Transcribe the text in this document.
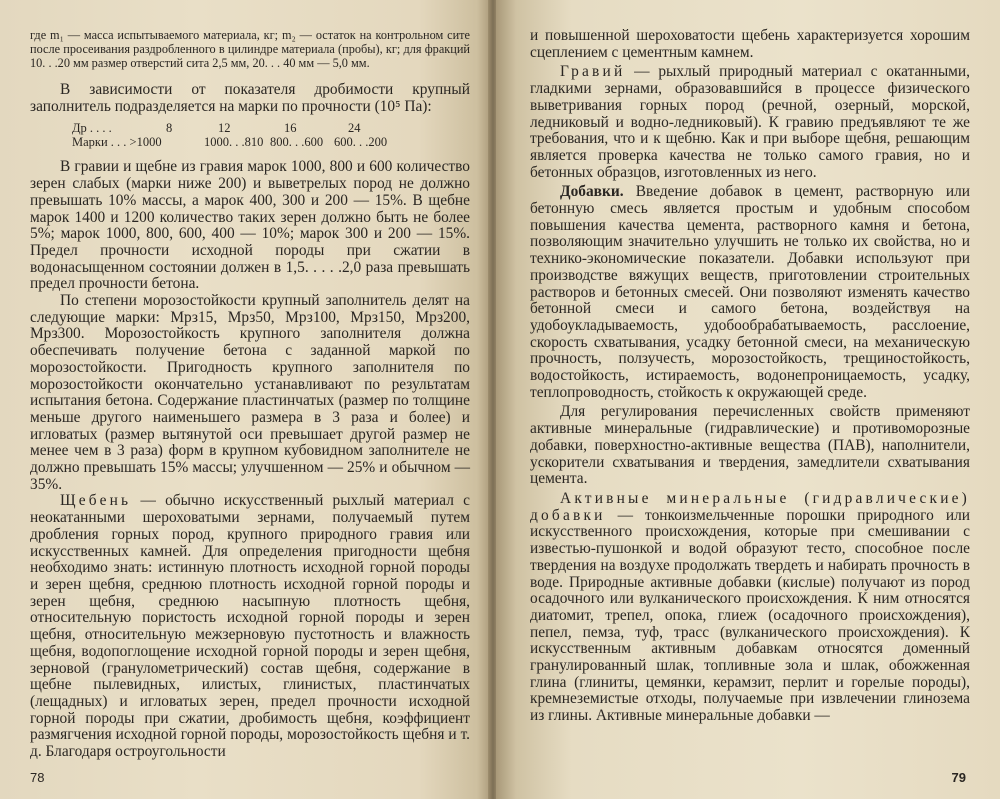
где m₁ — масса испытываемого материала, кг; m₂ — остаток на контрольном сите после просеивания раздробленного в цилиндре материала (пробы), кг; для фракций 10. . .20 мм размер отверстий сита 2,5 мм, 20. . . 40 мм — 5,0 мм.

В зависимости от показателя дробимости крупный заполнитель подразделяется на марки по прочности (10⁵ Па):

Др . . . .	8	12	16	24
Марки . . . >1000	1000. . .810 800. . .600 600. . .200

В гравии и щебне из гравия марок 1000, 800 и 600 количество зерен слабых (марки ниже 200) и выветрелых пород не должно превышать 10% массы, а марок 400, 300 и 200 — 15%. В щебне марок 1400 и 1200 количество таких зерен должно быть не более 5%; марок 1000, 800, 600, 400 — 10%; марок 300 и 200 — 15%. Предел прочности исходной породы при сжатии в водонасыщенном состоянии должен в 1,5. . . . .2,0 раза превышать предел прочности бетона.

По степени морозостойкости крупный заполнитель делят на следующие марки: Мрз15, Мрз50, Мрз100, Мрз150, Мрз200, Мрз300. Морозостойкость крупного заполнителя должна обеспечивать получение бетона с заданной маркой по морозостойкости. Пригодность крупного заполнителя по морозостойкости окончательно устанавливают по результатам испытания бетона. Содержание пластинчатых (размер по толщине меньше другого наименьшего размера в 3 раза и более) и игловатых (размер вытянутой оси превышает другой размер не менее чем в 3 раза) форм в крупном кубовидном заполнителе не должно превышать 15% массы; улучшенном — 25% и обычном — 35%.

Щебень — обычно искусственный рыхлый материал с неокатанными шероховатыми зернами, получаемый путем дробления горных пород, крупного природного гравия или искусственных камней. Для определения пригодности щебня необходимо знать: истинную плотность исходной горной породы и зерен щебня, среднюю плотность исходной горной породы и зерен щебня, среднюю насыпную плотность щебня, относительную пористость исходной горной породы и зерен щебня, относительную межзерновую пустотность и влажность щебня, водопоглощение исходной горной породы и зерен щебня, зерновой (гранулометрический) состав щебня, содержание в щебне пылевидных, илистых, глинистых, пластинчатых (лещадных) и игловатых зерен, предел прочности исходной горной породы при сжатии, дробимость щебня, коэффициент размягчения исходной горной породы, морозостойкость щебня и т. д. Благодаря остроугольности

78

и повышенной шероховатости щебень характеризуется хорошим сцеплением с цементным камнем.

Гравий — рыхлый природный материал с окатанными, гладкими зернами, образовавшийся в процессе физического выветривания горных пород (речной, озерный, морской, ледниковый и водно-ледниковый). К гравию предъявляют те же требования, что и к щебню. Как и при выборе щебня, решающим является проверка качества не только самого гравия, но и бетонных образцов, изготовленных из него.

Добавки. Введение добавок в цемент, растворную или бетонную смесь является простым и удобным способом повышения качества цемента, растворного камня и бетона, позволяющим значительно улучшить не только их свойства, но и технико-экономические показатели. Добавки используют при производстве вяжущих веществ, приготовлении строительных растворов и бетонных смесей. Они позволяют изменять качество бетонной смеси и самого бетона, воздействуя на удобоукладываемость, удобообрабатываемость, расслоение, скорость схватывания, усадку бетонной смеси, на механическую прочность, ползучесть, морозостойкость, трещиностойкость, водостойкость, истираемость, водонепроницаемость, усадку, теплопроводность, стойкость к окружающей среде.

Для регулирования перечисленных свойств применяют активные минеральные (гидравлические) и противоморозные добавки, поверхностно-активные вещества (ПАВ), наполнители, ускорители схватывания и твердения, замедлители схватывания цемента.

Активные минеральные (гидравлические) добавки — тонкоизмельченные порошки природного или искусственного происхождения, которые при смешивании с известью-пушонкой и водой образуют тесто, способное после твердения на воздухе продолжать твердеть и набирать прочность в воде. Природные активные добавки (кислые) получают из пород осадочного или вулканического происхождения. К ним относятся диатомит, трепел, опока, глиеж (осадочного происхождения), пепел, пемза, туф, трасс (вулканического происхождения). К искусственным активным добавкам относятся доменный гранулированный шлак, топливные зола и шлак, обожженная глина (глиниты, цемянки, керамзит, перлит и горелые породы), кремнеземистые отходы, получаемые при извлечении глинозема из глины. Активные минеральные добавки —

79
